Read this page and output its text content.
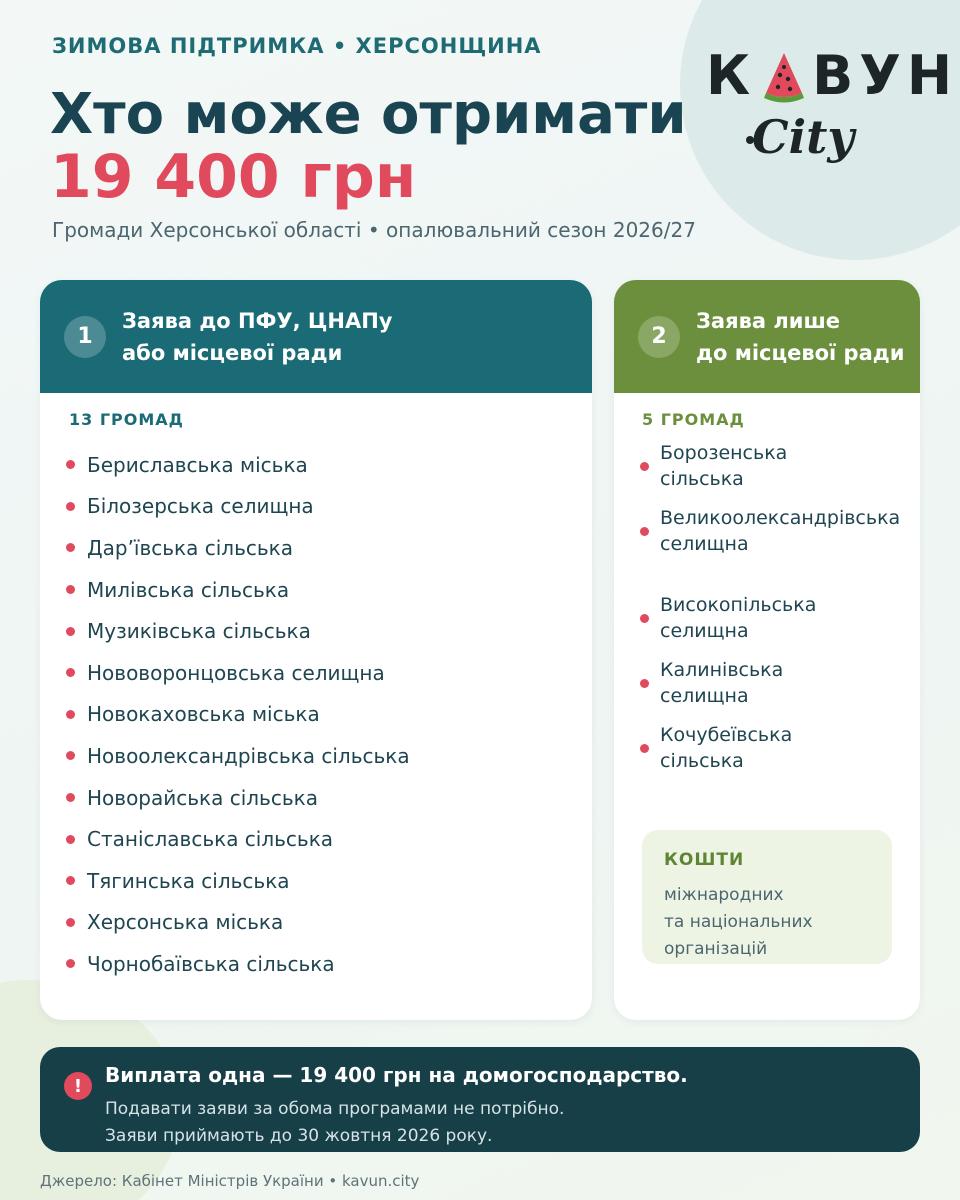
ЗИМОВА ПІДТРИМКА • ХЕРСОНЩИНА
Хто може отримати
19 400 грн
Громади Херсонської області • опалювальний сезон 2026/27
К ВУН
City
1
Заява до ПФУ, ЦНАПу
або місцевої ради
13 ГРОМАД
Бериславська міська
Білозерська селищна
Дар’ївська сільська
Милівська сільська
Музиківська сільська
Нововоронцовська селищна
Новокаховська міська
Новоолександрівська сільська
Новорайська сільська
Станіславська сільська
Тягинська сільська
Херсонська міська
Чорнобаївська сільська
2
Заява лише
до місцевої ради
5 ГРОМАД
Борозенська
сільська
Великоолександрівська
селищна
Високопільська
селищна
Калинівська
селищна
Кочубеївська
сільська
КОШТИ
міжнародних
та національних
організацій
!	Виплата одна — 19 400 грн на домогосподарство.
Подавати заяви за обома програмами не потрібно.
Заяви приймають до 30 жовтня 2026 року.
Джерело: Кабінет Міністрів України • kavun.city
